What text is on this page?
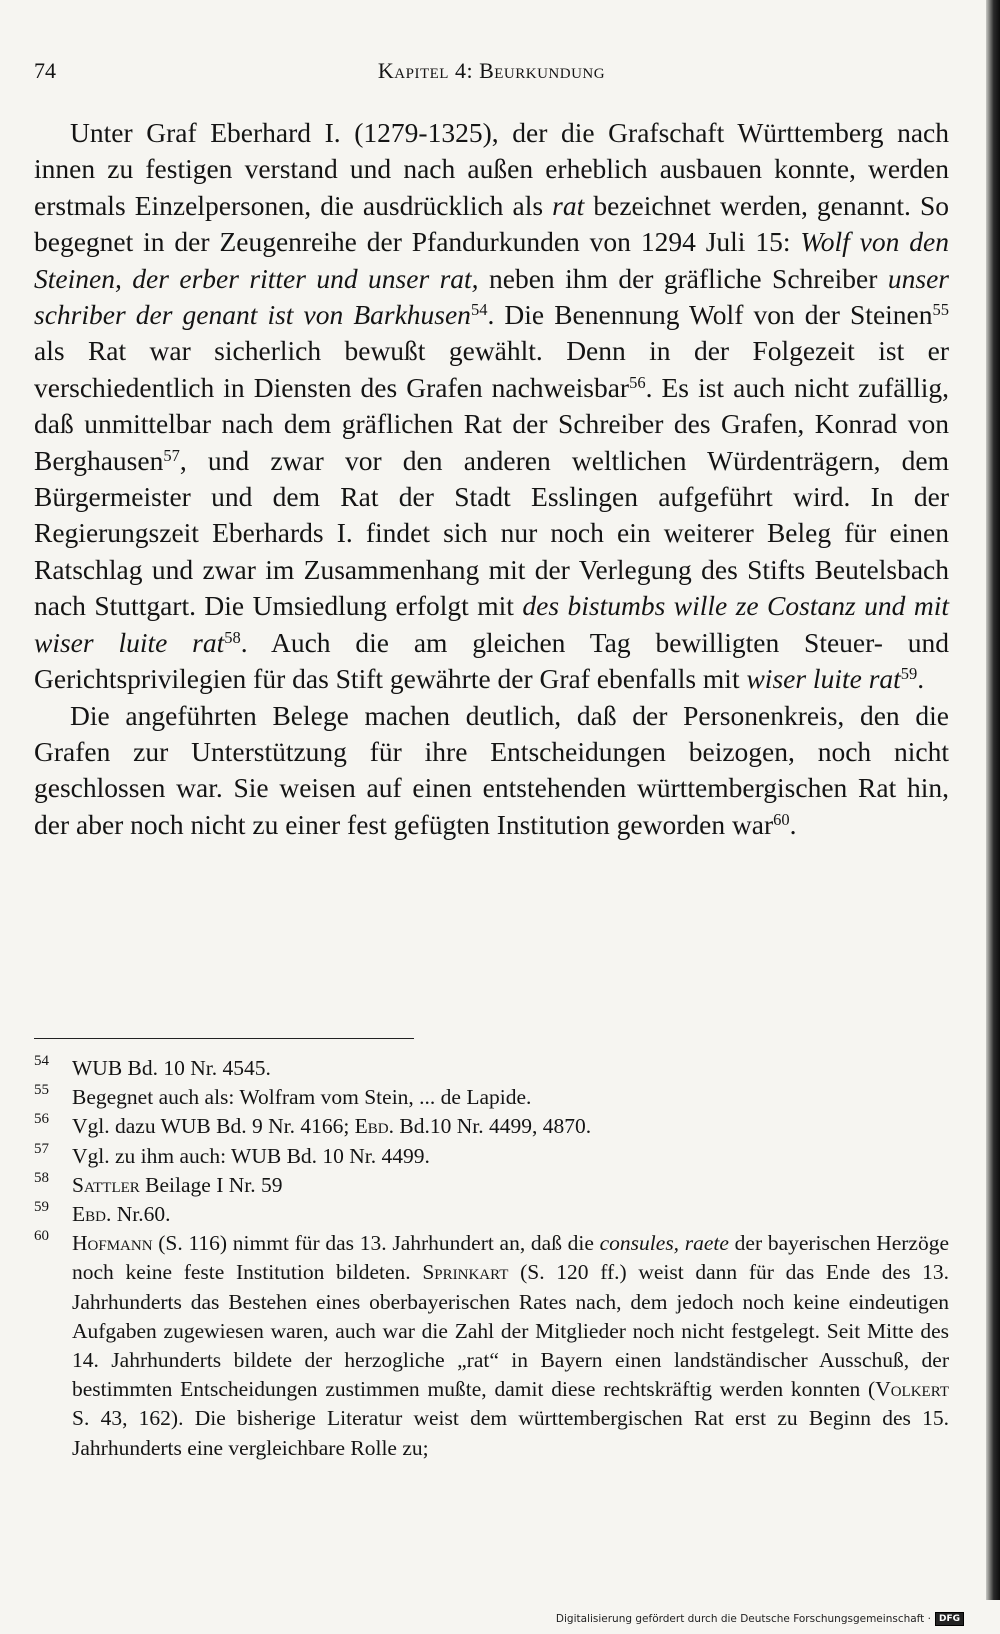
74	Kapitel 4: Beurkundung

Unter Graf Eberhard I. (1279-1325), der die Grafschaft Württemberg nach innen zu festigen verstand und nach außen erheblich ausbauen konnte, werden erstmals Einzelpersonen, die ausdrücklich als rat bezeichnet werden, genannt. So begegnet in der Zeugenreihe der Pfandurkunden von 1294 Juli 15: Wolf von den Steinen, der erber ritter und unser rat, neben ihm der gräfliche Schreiber unser schriber der genant ist von Barkhusen$^{54}$. Die Benennung Wolf von der Steinen$^{55}$ als Rat war sicherlich bewußt gewählt. Denn in der Folgezeit ist er verschiedentlich in Diensten des Grafen nachweisbar$^{56}$. Es ist auch nicht zufällig, daß unmittelbar nach dem gräflichen Rat der Schreiber des Grafen, Konrad von Berghausen$^{57}$, und zwar vor den anderen weltlichen Würdenträgern, dem Bürgermeister und dem Rat der Stadt Esslingen aufgeführt wird. In der Regierungszeit Eberhards I. findet sich nur noch ein weiterer Beleg für einen Ratschlag und zwar im Zusammenhang mit der Verlegung des Stifts Beutelsbach nach Stuttgart. Die Umsiedlung erfolgt mit des bistumbs wille ze Costanz und mit wiser luite rat$^{58}$. Auch die am gleichen Tag bewilligten Steuer- und Gerichtsprivilegien für das Stift gewährte der Graf ebenfalls mit wiser luite rat$^{59}$.

Die angeführten Belege machen deutlich, daß der Personenkreis, den die Grafen zur Unterstützung für ihre Entscheidungen beizogen, noch nicht geschlossen war. Sie weisen auf einen entstehenden württembergischen Rat hin, der aber noch nicht zu einer fest gefügten Institution geworden war$^{60}$.

54 WUB Bd. 10 Nr. 4545.
55 Begegnet auch als: Wolfram vom Stein, ... de Lapide.
56 Vgl. dazu WUB Bd. 9 Nr. 4166; Ebd. Bd.10 Nr. 4499, 4870.
57 Vgl. zu ihm auch: WUB Bd. 10 Nr. 4499.
58 Sattler Beilage I Nr. 59
59 Ebd. Nr.60.
60 Hofmann (S. 116) nimmt für das 13. Jahrhundert an, daß die consules, raete der bayerischen Herzöge noch keine feste Institution bildeten. Sprinkart (S. 120 ff.) weist dann für das Ende des 13. Jahrhunderts das Bestehen eines oberbayerischen Rates nach, dem jedoch noch keine eindeutigen Aufgaben zugewiesen waren, auch war die Zahl der Mitglieder noch nicht festgelegt. Seit Mitte des 14. Jahrhunderts bildete der herzogliche „rat“ in Bayern einen landständischer Ausschuß, der bestimmten Entscheidungen zustimmen mußte, damit diese rechtskräftig werden konnten (Volkert S. 43, 162). Die bisherige Literatur weist dem württembergischen Rat erst zu Beginn des 15. Jahrhunderts eine vergleichbare Rolle zu;
Digitalisierung gefördert durch die Deutsche Forschungsgemeinschaft · DFG
